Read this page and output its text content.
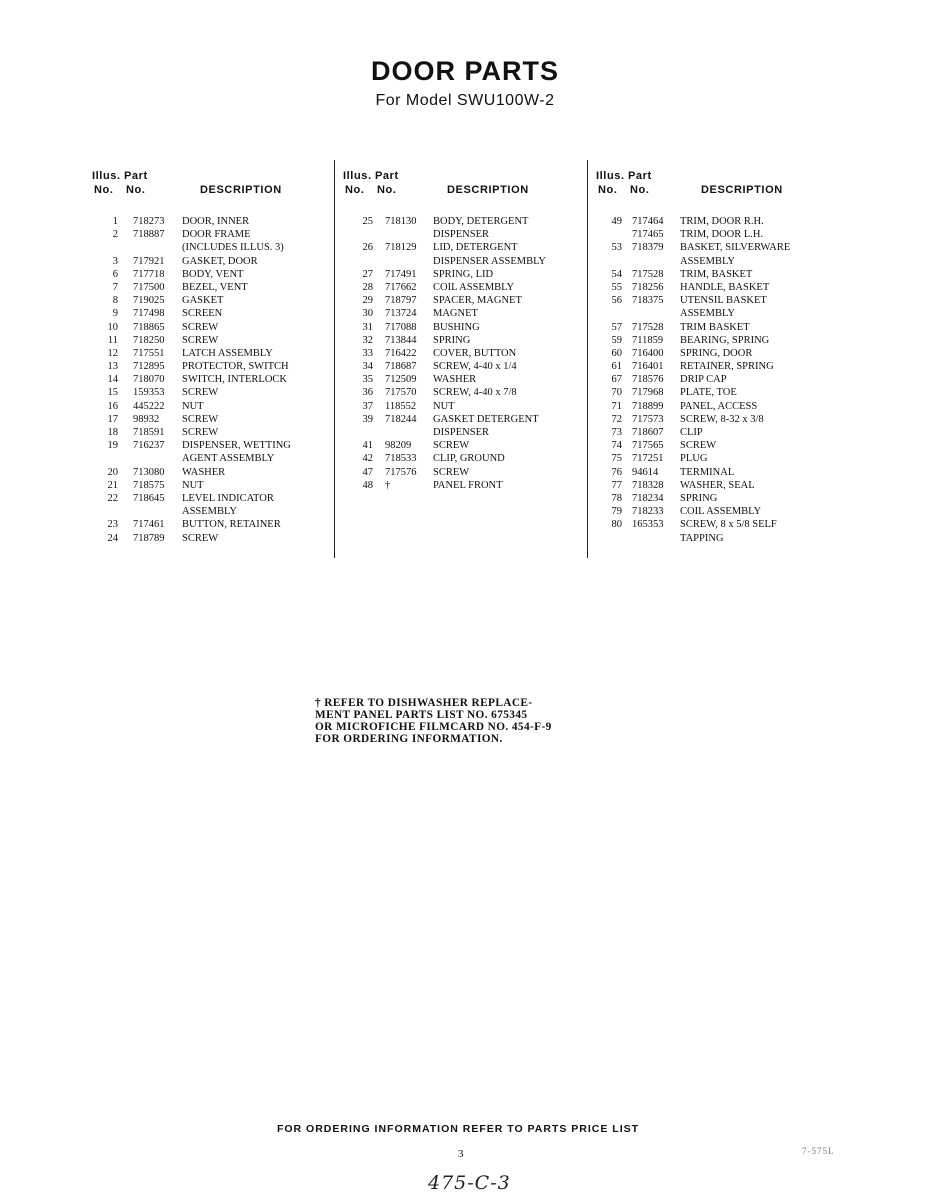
DOOR PARTS
For Model SWU100W-2
Illus. Part
No. No.	DESCRIPTION
1 718273 DOOR, INNER
2 718887 DOOR FRAME
(INCLUDES ILLUS. 3)
3 717921 GASKET, DOOR
6 717718 BODY, VENT
7 717500 BEZEL, VENT
8 719025 GASKET
9 717498 SCREEN
10 718865 SCREW
11 718250 SCREW
12 717551 LATCH ASSEMBLY
13 712895 PROTECTOR, SWITCH
14 718070 SWITCH, INTERLOCK
15 159353 SCREW
16 445222 NUT
17 98932 SCREW
18 718591 SCREW
19 716237 DISPENSER, WETTING
AGENT ASSEMBLY
20 713080 WASHER
21 718575 NUT
22 718645 LEVEL INDICATOR
ASSEMBLY
23 717461 BUTTON, RETAINER
24 718789 SCREW
Illus. Part
No. No.	DESCRIPTION
25 718130 BODY, DETERGENT
DISPENSER
26 718129 LID, DETERGENT
DISPENSER ASSEMBLY
27 717491 SPRING, LID
28 717662 COIL ASSEMBLY
29 718797 SPACER, MAGNET
30 713724 MAGNET
31 717088 BUSHING
32 713844 SPRING
33 716422 COVER, BUTTON
34 718687 SCREW, 4-40 x 1/4
35 712509 WASHER
36 717570 SCREW, 4-40 x 7/8
37 118552 NUT
39 718244 GASKET DETERGENT
DISPENSER
41 98209 SCREW
42 718533 CLIP, GROUND
47 717576 SCREW
48 †	PANEL FRONT
Illus. Part
No. No.	DESCRIPTION
49 717464 TRIM, DOOR R.H.
717465 TRIM, DOOR L.H.
53 718379 BASKET, SILVERWARE
ASSEMBLY
54 717528 TRIM, BASKET
55 718256 HANDLE, BASKET
56 718375 UTENSIL BASKET
ASSEMBLY
57 717528 TRIM BASKET
59 711859 BEARING, SPRING
60 716400 SPRING, DOOR
61 716401 RETAINER, SPRING
67 718576 DRIP CAP
70 717968 PLATE, TOE
71 718899 PANEL, ACCESS
72 717573 SCREW, 8-32 x 3/8
73 718607 CLIP
74 717565 SCREW
75 717251 PLUG
76 94614 TERMINAL
77 718328 WASHER, SEAL
78 718234 SPRING
79 718233 COIL ASSEMBLY
80 165353 SCREW, 8 x 5/8 SELF
TAPPING
† REFER TO DISHWASHER REPLACE-
MENT PANEL PARTS LIST NO. 675345
OR MICROFICHE FILMCARD NO. 454-F-9
FOR ORDERING INFORMATION.
FOR ORDERING INFORMATION REFER TO PARTS PRICE LIST
3	7-575L
475-C-3
